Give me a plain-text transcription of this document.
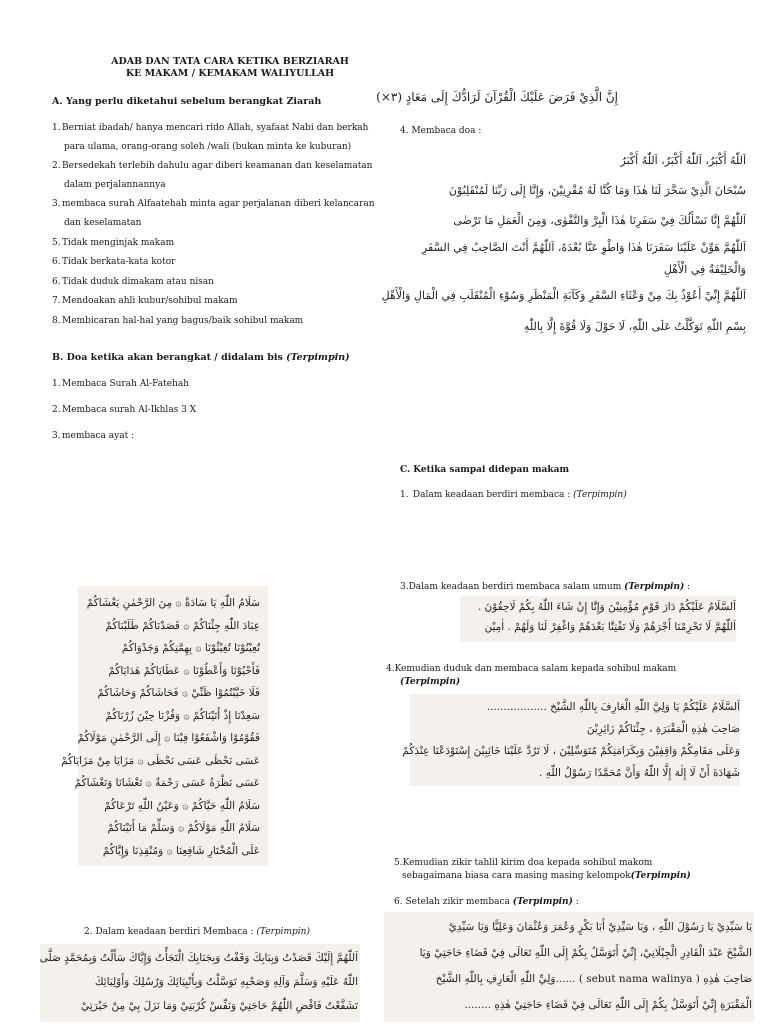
ADAB DAN TATA CARA KETIKA BERZIARAH
KE MAKAM / KEMAKAM WALIYULLAH
A. Yang perlu diketahui sebelum berangkat Ziarah
1.Berniat ibadah/ hanya mencari rido Allah, syafaat Nabi dan berkah
para ulama, orang-orang soleh /wali (bukan minta ke kuburan)
2.Bersedekah terlebih dahulu agar diberi keamanan dan keselamatan
dalam perjalannannya
3.membaca surah Alfaatehah minta agar perjalanan diberi kelancaran
dan keselamatan
5.Tidak menginjak makam
6.Tidak berkata-kata kotor
6.Tidak duduk dimakam atau nisan
7.Mendoakan ahli kubur/sohibul makam
8.Membicaran hal-hal yang bagus/baik sohibul makam
B. Doa ketika akan berangkat / didalam bis (Terpimpin)
1.Membaca Surah Al-Fatehah
2.Membaca surah Al-Ikhlas 3 X
3.membaca ayat :
إِنَّ الَّذِيْ فَرَضَ عَلَيْكَ الْقُرْآنَ لَرَادُّكَ إِلَى مَعَادٍ (٣×)
4. Membaca doa :
اَللّٰهُ أَكْبَرُ، اَللّٰهُ أَكْبَرُ، اَللّٰهُ أَكْبَرُ
سُبْحَانَ الَّذِيْ سَخَّرَ لَنَا هٰذَا وَمَا كُنَّا لَهُ مُقْرِنِيْنَ، وَإِنَّا إِلَى رَبِّنَا لَمُنْقَلِبُوْنَ
اَللّٰهُمَّ إِنَّا نَسْأَلُكَ فِيْ سَفَرِنَا هٰذَا الْبِرَّ وَالتَّقْوٰى، وَمِنَ الْعَمَلِ مَا تَرْضٰى
اَللّٰهُمَّ هَوِّنْ عَلَيْنَا سَفَرَنَا هٰذَا وَاطْوِ عَنَّا بُعْدَهُ، اَللّٰهُمَّ أَنْتَ الصَّاحِبُ فِي السَّفَرِ
وَالْخَلِيْفَةُ فِي الْأَهْلِ
اَللّٰهُمَّ إِنِّيْ أَعُوْذُ بِكَ مِنْ وَعْثَاءِ السَّفَرِ وَكَآبَةِ الْمَنْظَرِ وَسُوْءِ الْمُنْقَلَبِ فِي الْمَالِ وَالْأَهْلِ
بِسْمِ اللّٰهِ تَوَكَّلْتُ عَلَى اللّٰهِ، لَا حَوْلَ وَلَا قُوَّةَ إِلَّا بِاللّٰهِ
C. Ketika sampai didepan makam
1. Dalam keadaan berdiri membaca : (Terpimpin)
3.Dalam keadaan berdiri membaca salam umum (Terpimpin) :
اَلسَّلَامُ عَلَيْكُمْ دَارَ قَوْمٍ مُؤْمِنِيْنَ وَإِنَّا إِنْ شَاءَ اللّٰهُ بِكُمْ لَاحِقُوْنَ .
اَللّٰهُمَّ لَا تَحْرِمْنَا أَجْرَهُمْ وَلَا تَفْتِنَّا بَعْدَهُمْ وَاغْفِرْ لَنَا وَلَهُمْ . اٰمِيْن
4.Kemudian duduk dan membaca salam kepada sohibul makam
(Terpimpin)
اَلسَّلَامُ عَلَيْكُمْ يَا وَلِيَّ اللّٰهِ الْعَارِفَ بِاللّٰهِ الشَّيْخ ..................
صَاحِبَ هٰذِهِ الْمَقْبَرَةِ ، جِئْنَاكُمْ زَائِرِيْنَ
وَعَلَى مَقَامِكُمْ وَاقِفِيْنَ وَبِكَرَامَتِكُمْ مُتَوَسِّلِيْنَ ، لَا تَرُدَّ عَلَيْنَا خَائِبِيْنَ إِسْتَوْدَعْنَا عِنْدَكُمْ
شَهَادَةَ أَنْ لَا إِلٰهَ إِلَّا اللّٰهُ وَأَنَّ مُحَمَّدًا رَسُوْلُ اللّٰهِ .
5.Kemudian zikir tahlil kirim doa kepada sohibul makom
sebagaimana biasa cara masing masing kelompok(Terpimpin)
6. Setelah zikir membaca (Terpimpin) :
يَا سَيِّدِيْ يَا رَسُوْلَ اللّٰهِ ، وَيَا سَيِّدِيْ أَبَا بَكْرٍ وَعُمَرَ وَعُثْمَانَ وَعَلِيًّا وَيَا سَيِّدِيْ
الشَّيْخَ عَبْدَ الْقَادِرِ الْجِيْلَانِيْ، إِنِّيْ أَتَوَسَّلُ بِكُمْ إِلَى اللّٰهِ تَعَالَى فِيْ قَضَاءِ حَاجَتِيْ وَيَا
صَاحِبَ هٰذِهِ ( sebut nama walinya ) ......وَلِيِّ اللّٰهِ الْعَارِفِ بِاللّٰهِ الشَّيْخ
الْمَقْبَرَةِ إِنِّيْ أَتَوَسَّلُ بِكُمْ إِلَى اللّٰهِ تَعَالَى فِيْ قَضَاءِ حَاجَتِيْ هٰذِهِ ........
سَلَامُ اللّٰهِ يَا سَادَةْ ۞ مِنَ الرَّحْمٰنِ يَغْشَاكُمْ
عِبَادَ اللّٰهِ جِئْنَاكُمْ ۞ قَصَدْنَاكُمْ طَلَبْنَاكُمْ
تُعِيْنُوْنَا تُغِيْثُوْنَا ۞ بِهِمَّتِكُمْ وَجَدْوَاكُمْ
فَأَحْيُوْنَا وَأَعْطُوْنَا ۞ عَطَايَاكُمْ هَدَايَاكُمْ
فَلَا خَيَّبْتُمُوْا ظَنِّيْ ۞ فَحَاشَاكُمْ وَحَاشَاكُمْ
سَعِدْنَا إِذْ أَتَيْنَاكُمْ ۞ وَفُزْنَا حِيْنَ زُرْنَاكُمْ
فَقُوْمُوْا وَاشْفَعُوْا فِيْنَا ۞ إِلَى الرَّحْمٰنِ مَوْلَاكُمْ
عَسَى نَحْظَى عَسَى نَحْظَى ۞ مَزَايَا مِنْ مَزَايَاكُمْ
عَسَى نَظْرَةُ عَسَى رَحْمَةٌ ۞ تَغْشَانَا وَتَغْشَاكُمْ
سَلَامُ اللّٰهِ حَيَّاكُمْ ۞ وَعَيْنُ اللّٰهِ تَرْعَاكُمْ
سَلَامُ اللّٰهِ مَوْلَاكُمْ ۞ وَسَلِّمْ مَا أَتَيْنَاكُمْ
عَلَى الْمُخْتَارِ شَافِعِنَا ۞ وَمُنْقِذِنَا وَإِيَّاكُمْ
2. Dalam keadaan berdiri Membaca : (Terpimpin)
اَللّٰهُمَّ إِلَيْكَ قَصَدْتُ وَبِبَابِكَ وَقَفْتُ وَبِجَنَابِكَ الْتَجَأْتُ وَإِيَّاكَ سَأَلْتُ وَبِمُحَمَّدٍ صَلَّى
اللّٰهُ عَلَيْهِ وَسَلَّمَ وَآلِهِ وَصَحْبِهِ تَوَسَّلْتُ وَبِأَنْبِيَائِكَ وَرُسُلِكَ وَأَوْلِيَائِكَ
تَشَفَّعْتُ فَاقْضِ اللّٰهُمَّ حَاجَتِيْ وَنَفِّسْ كُرْبَتِيْ وَمَا نَزَلَ بِيْ مِنْ حَيْرَتِيْ
